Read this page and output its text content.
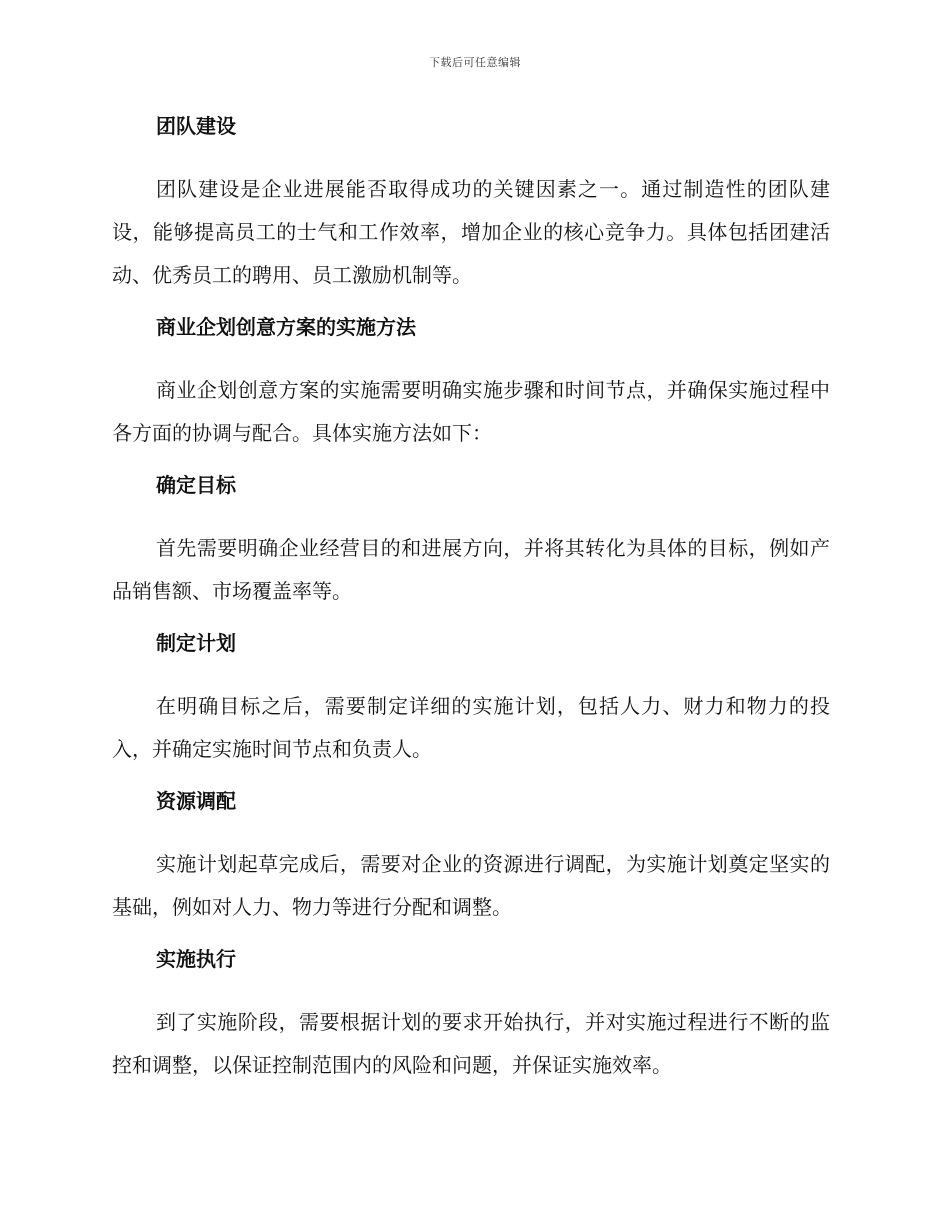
下载后可任意编辑
团队建设

团队建设是企业进展能否取得成功的关键因素之一。通过制造性的团队建设，能够提高员工的士气和工作效率，增加企业的核心竞争力。具体包括团建活动、优秀员工的聘用、员工激励机制等。

商业企划创意方案的实施方法

商业企划创意方案的实施需要明确实施步骤和时间节点，并确保实施过程中各方面的协调与配合。具体实施方法如下：

确定目标

首先需要明确企业经营目的和进展方向，并将其转化为具体的目标，例如产品销售额、市场覆盖率等。

制定计划

在明确目标之后，需要制定详细的实施计划，包括人力、财力和物力的投入，并确定实施时间节点和负责人。

资源调配

实施计划起草完成后，需要对企业的资源进行调配，为实施计划奠定坚实的基础，例如对人力、物力等进行分配和调整。

实施执行

到了实施阶段，需要根据计划的要求开始执行，并对实施过程进行不断的监控和调整，以保证控制范围内的风险和问题，并保证实施效率。
